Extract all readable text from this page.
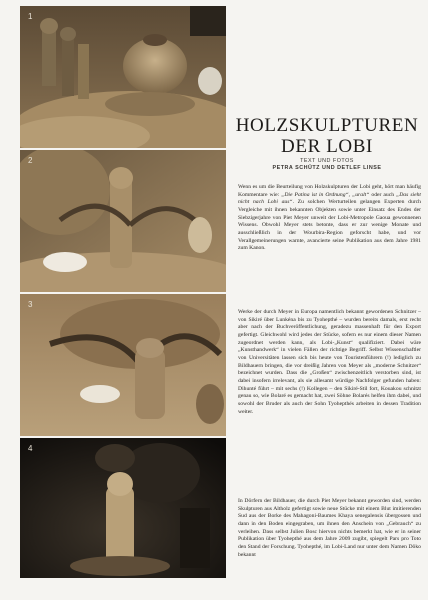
1
2
3
4
HOLZSKULPTUREN
DER LOBI
TEXT UND FOTOS
PETRA SCHÜTZ UND DETLEF LINSE

Wenn es um die Beurteilung von Holzskulpturen der Lobi geht, hört man häufig Kommentare wie: „Die Patina ist in Ordnung“, „uralt“ oder auch „Das sieht nicht nach Lobi aus“. Zu solchen Werturteilen gelangen Experten durch Vergleiche mit ihnen bekannten Objekten sowie unter Einsatz des Endes der Siebzigerjahre von Piet Meyer unweit der Lobi-Metropole Gaoua gewonnenen Wissens. Obwohl Meyer stets betonte, dass er zur wenige Monate und ausschließlich in der Wourbira-Region geforscht habe, und vor Verallgemeinerungen warnte, avancierte seine Publikation aus dem Jahre 1981 zum Kanon.

Werke der durch Meyer in Europa namentlich bekannt gewordenen Schnitzer – von Sikiré über Lunkéna bis zu Tyohepthé – wurden bereits damals, erst recht aber nach der Buchveröffentlichung, geradezu massenhaft für den Export gefertigt. Gleichwohl wird jedes der Stücke, sofern es nur einem dieser Namen zugeordnet werden kann, als Lobi-„Kunst“ qualifiziert. Dabei wäre „Kunsthandwerk“ in vielen Fällen der richtige Begriff. Selbst Wissenschaftler von Universitäten lassen sich bis heute von Touristenführern (!) lediglich zu Bildhauern bringen, die vor dreißig Jahren von Meyer als „moderne Schnitzer“ bezeichnet wurden. Dass die „Großen“ zwischenzeitlich verstorben sind, ist dabei insofern irrelevant, als sie allesamt würdige Nachfolger gefunden haben: Dihunté führt – mit sechs (!) Kollegen – den Sikiré-Stil fort, Kouakou schnitzt genau so, wie Bolaré es gemacht hat, zwei Söhne Bolarés helfen ihm dabei, und sowohl der Bruder als auch der Sohn Tyohepthés arbeiten in dessen Tradition weiter.

In Dörfern der Bildhauer, die durch Piet Meyer bekannt geworden sind, werden Skulpturen aus Altholz gefertigt sowie neue Stücke mit einem Blut imitierenden Sud aus der Borke des Mahagoni-Baumes Khaya senegalensis übergossen und dann in den Boden eingegraben, um ihnen den Anschein von „Gebrauch“ zu verleihen. Dass selbst Julien Bosc hiervon nichts bemerkt hat, wie er in seiner Publikation über Tyohepthé aus dem Jahre 2009 zugibt, spiegelt Pars pro Toto den Stand der Forschung. Tyohepthé, im Lobi-Land nur unter dem Namen Dôko bekannt
